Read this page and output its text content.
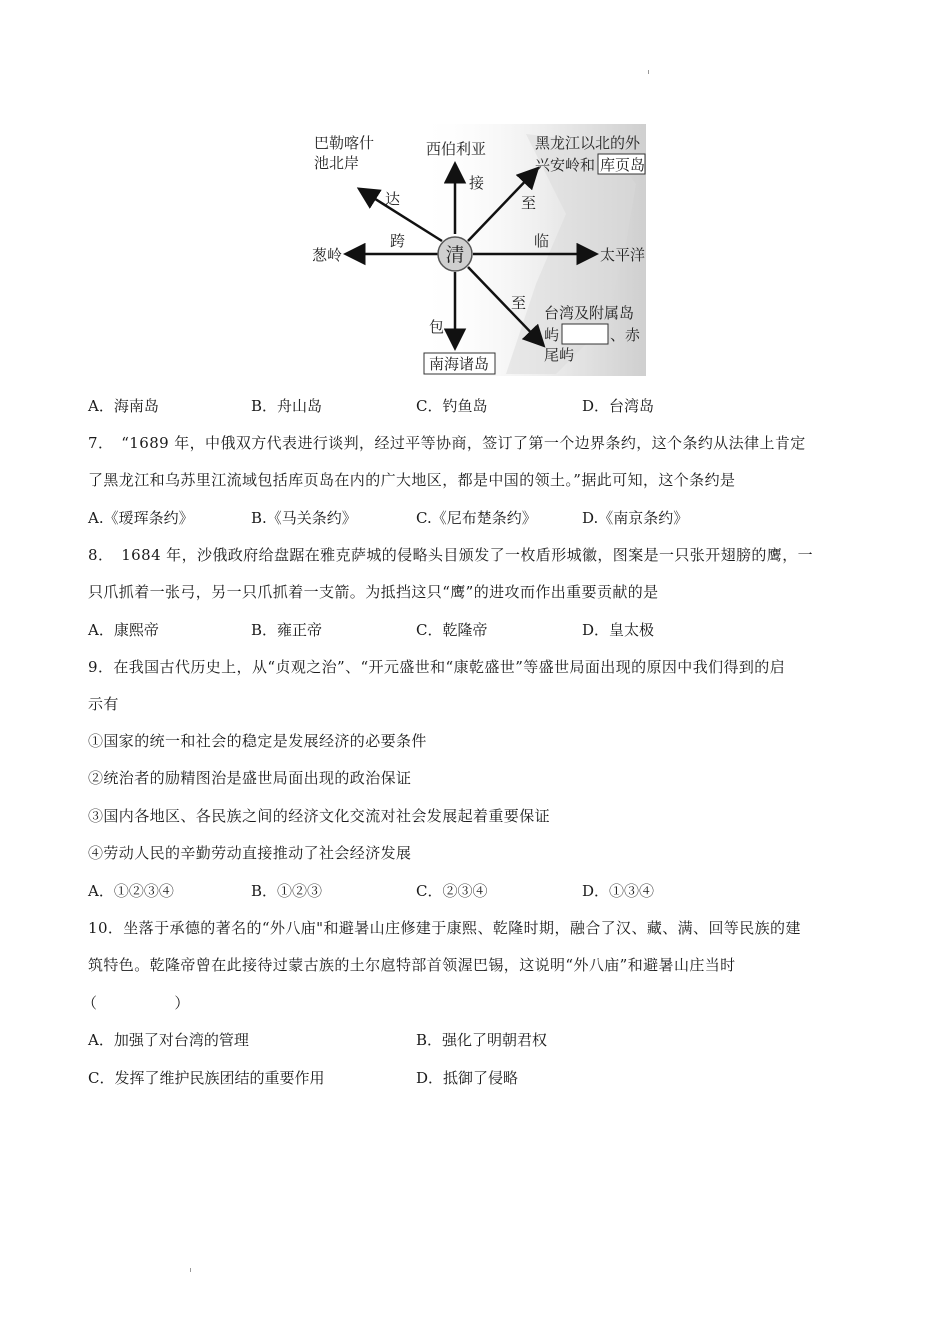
清
巴勒喀什
池北岸
达
西伯利亚
接
黑龙江以北的外
兴安岭和 库页岛
至
葱岭
跨
太平洋
临
至
台湾及附属岛
屿	、赤
尾屿
包
南海诸岛
A．海南岛	B．舟山岛	C．钓鱼岛	D．台湾岛
7．　“1689 年，中俄双方代表进行谈判，经过平等协商，签订了第一个边界条约，这个条约从法律上肯定
了黑龙江和乌苏里江流域包括库页岛在内的广大地区，都是中国的领土。”据此可知，这个条约是
A.《瑷珲条约》	B.《马关条约》	C.《尼布楚条约》	D.《南京条约》
8．　1684 年，沙俄政府给盘踞在雅克萨城的侵略头目颁发了一枚盾形城徽，图案是一只张开翅膀的鹰，一
只爪抓着一张弓，另一只爪抓着一支箭。为抵挡这只“鹰”的进攻而作出重要贡献的是
A．康熙帝	B．雍正帝	C．乾隆帝	D．皇太极
9．在我国古代历史上，从“贞观之治”、“开元盛世和“康乾盛世”等盛世局面出现的原因中我们得到的启
示有
①国家的统一和社会的稳定是发展经济的必要条件
②统治者的励精图治是盛世局面出现的政治保证
③国内各地区、各民族之间的经济文化交流对社会发展起着重要保证
④劳动人民的辛勤劳动直接推动了社会经济发展
A．①②③④	B．①②③	C．②③④	D．①③④
10．坐落于承德的著名的“外八庙"和避暑山庄修建于康熙、乾隆时期，融合了汉、藏、满、回等民族的建
筑特色。乾隆帝曾在此接待过蒙古族的土尔扈特部首领渥巴锡，这说明“外八庙”和避暑山庄当时
（　　　　　）
A．加强了对台湾的管理	B．强化了明朝君权
C．发挥了维护民族团结的重要作用	D．抵御了侵略
